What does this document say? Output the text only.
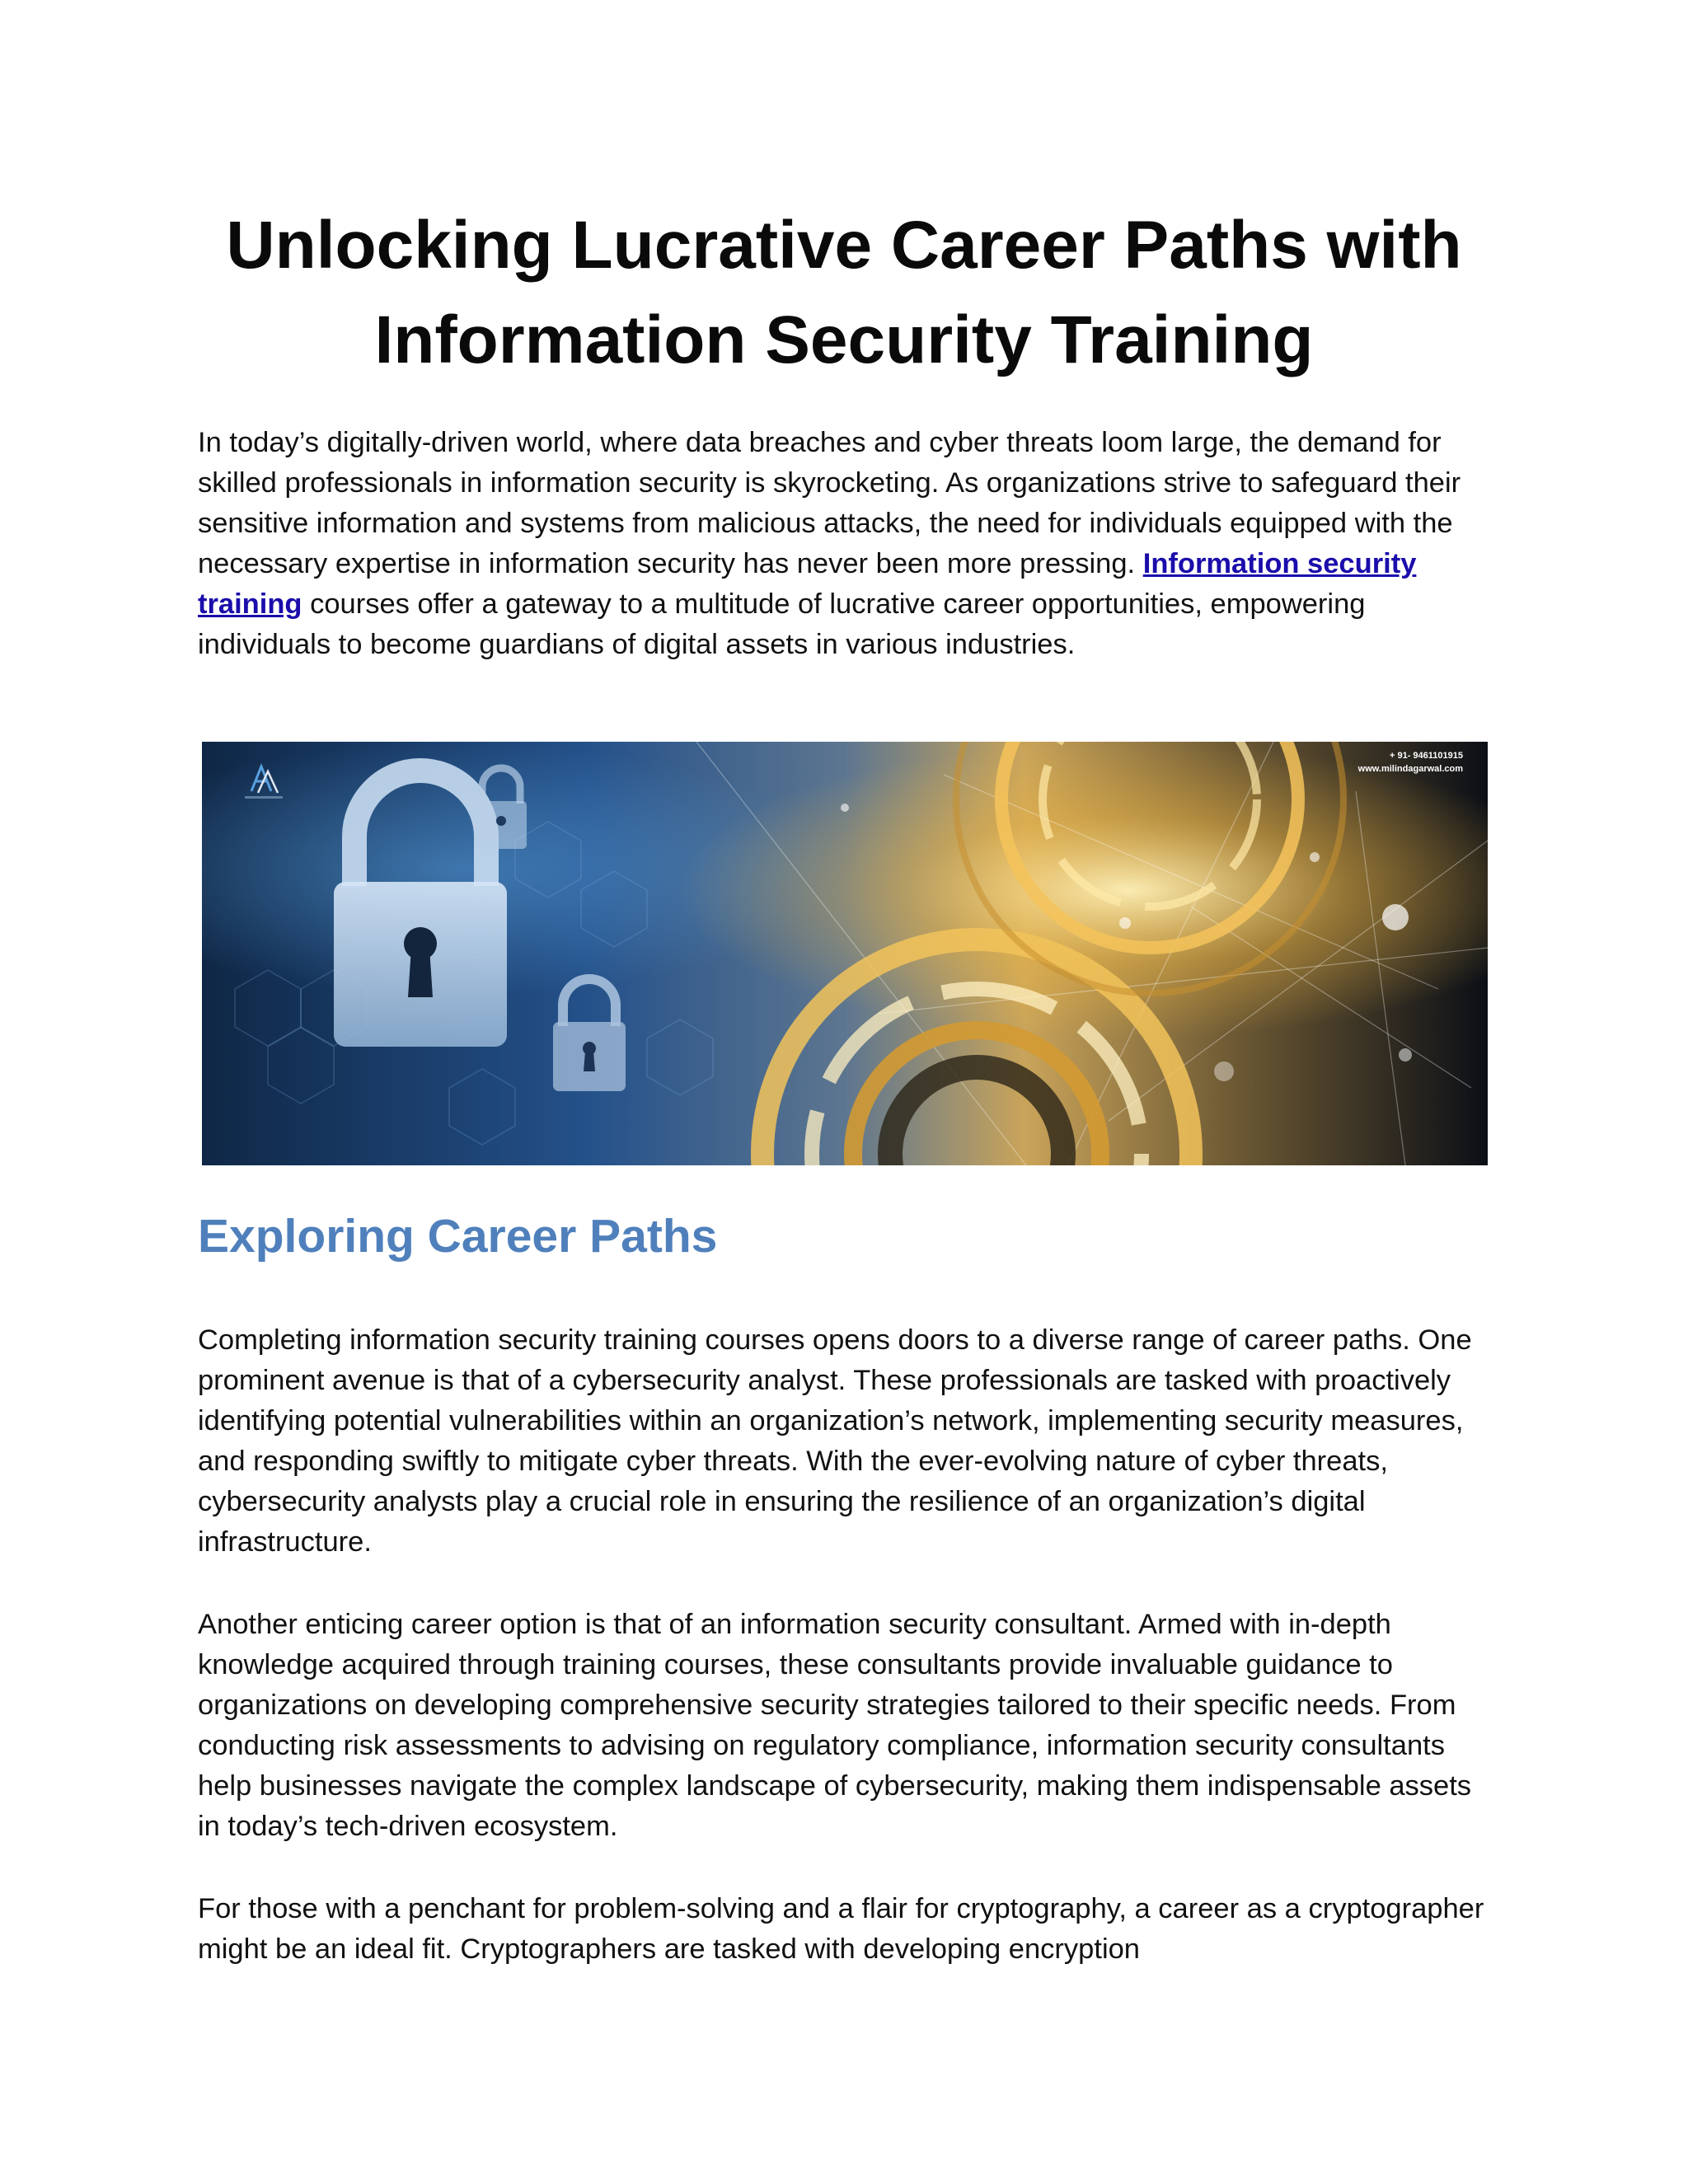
Unlocking Lucrative Career Paths with
Information Security Training

In today’s digitally-driven world, where data breaches and cyber threats loom large, the demand for skilled professionals in information security is skyrocketing. As organizations strive to safeguard their sensitive information and systems from malicious attacks, the need for individuals equipped with the necessary expertise in information security has never been more pressing. Information security training courses offer a gateway to a multitude of lucrative career opportunities, empowering individuals to become guardians of digital assets in various industries.

+ 91- 9461101915
www.milindagarwal.com
Exploring Career Paths

Completing information security training courses opens doors to a diverse range of career paths. One prominent avenue is that of a cybersecurity analyst. These professionals are tasked with proactively identifying potential vulnerabilities within an organization’s network, implementing security measures, and responding swiftly to mitigate cyber threats. With the ever-evolving nature of cyber threats, cybersecurity analysts play a crucial role in ensuring the resilience of an organization’s digital infrastructure.

Another enticing career option is that of an information security consultant. Armed with in-depth knowledge acquired through training courses, these consultants provide invaluable guidance to organizations on developing comprehensive security strategies tailored to their specific needs. From conducting risk assessments to advising on regulatory compliance, information security consultants help businesses navigate the complex landscape of cybersecurity, making them indispensable assets in today’s tech-driven ecosystem.

For those with a penchant for problem-solving and a flair for cryptography, a career as a cryptographer might be an ideal fit. Cryptographers are tasked with developing encryption
